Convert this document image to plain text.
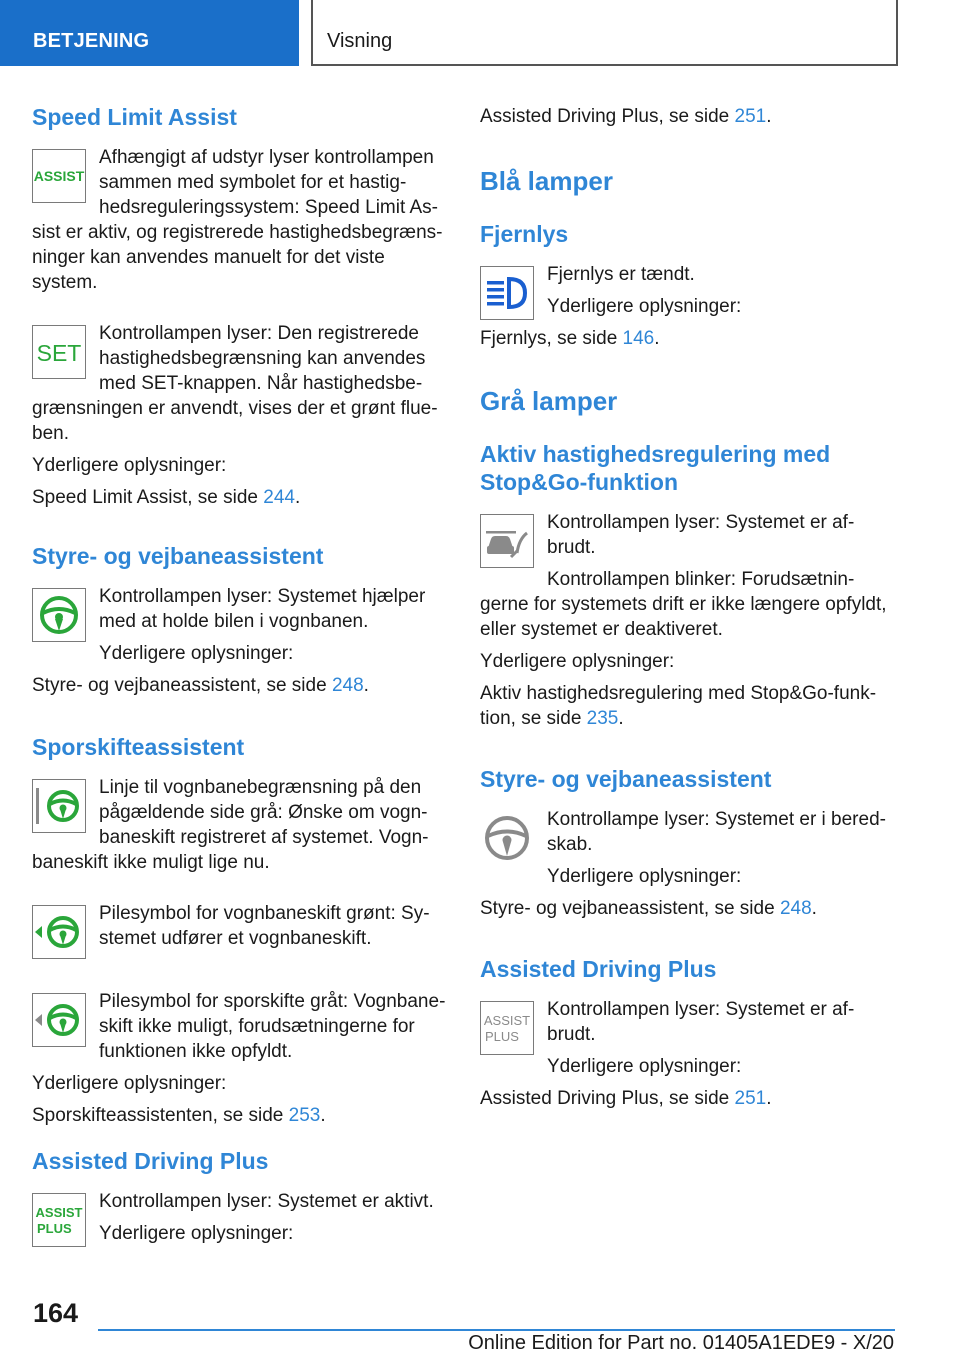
BETJENING	Visning
Speed Limit Assist
ASSIST

Afhængigt af udstyr lyser kontrollampen sammen med symbolet for et hastighedsreguleringssystem: Speed Limit Assist er aktiv, og registrerede hastighedsbegrænsninger kan anvendes manuelt for det viste system.

SET

Kontrollampen lyser: Den registrerede hastighedsbegrænsning kan anvendes med SET-knappen. Når hastighedsbegrænsningen er anvendt, vises der et grønt flueben.

Yderligere oplysninger:

Speed Limit Assist, se side 244.

Styre- og vejbaneassistent

Kontrollampen lyser: Systemet hjælper med at holde bilen i vognbanen.

Yderligere oplysninger:

Styre- og vejbaneassistent, se side 248.

Sporskifteassistent

Linje til vognbanebegrænsning på den pågældende side grå: Ønske om vognbaneskift registreret af systemet. Vognbaneskift ikke muligt lige nu.

Pilesymbol for vognbaneskift grønt: Systemet udfører et vognbaneskift.

Pilesymbol for sporskifte gråt: Vognbaneskift ikke muligt, forudsætningerne for funktionen ikke opfyldt.

Yderligere oplysninger:

Sporskifteassistenten, se side 253.

Assisted Driving Plus
ASSIST
PLUS

Kontrollampen lyser: Systemet er aktivt.

Yderligere oplysninger:

Assisted Driving Plus, se side 251.

Blå lamper
Fjernlys

Fjernlys er tændt.

Yderligere oplysninger:

Fjernlys, se side 146.

Grå lamper
Aktiv hastighedsregulering med Stop&Go-funktion

Kontrollampen lyser: Systemet er afbrudt.

Kontrollampen blinker: Forudsætningerne for systemets drift er ikke længere opfyldt, eller systemet er deaktiveret.

Yderligere oplysninger:

Aktiv hastighedsregulering med Stop&Go-funktion, se side 235.

Styre- og vejbaneassistent

Kontrollampe lyser: Systemet er i beredskab.

Yderligere oplysninger:

Styre- og vejbaneassistent, se side 248.

Assisted Driving Plus
ASSIST
PLUS

Kontrollampen lyser: Systemet er afbrudt.

Yderligere oplysninger:

Assisted Driving Plus, se side 251.

164
Online Edition for Part no. 01405A1EDE9 - X/20
